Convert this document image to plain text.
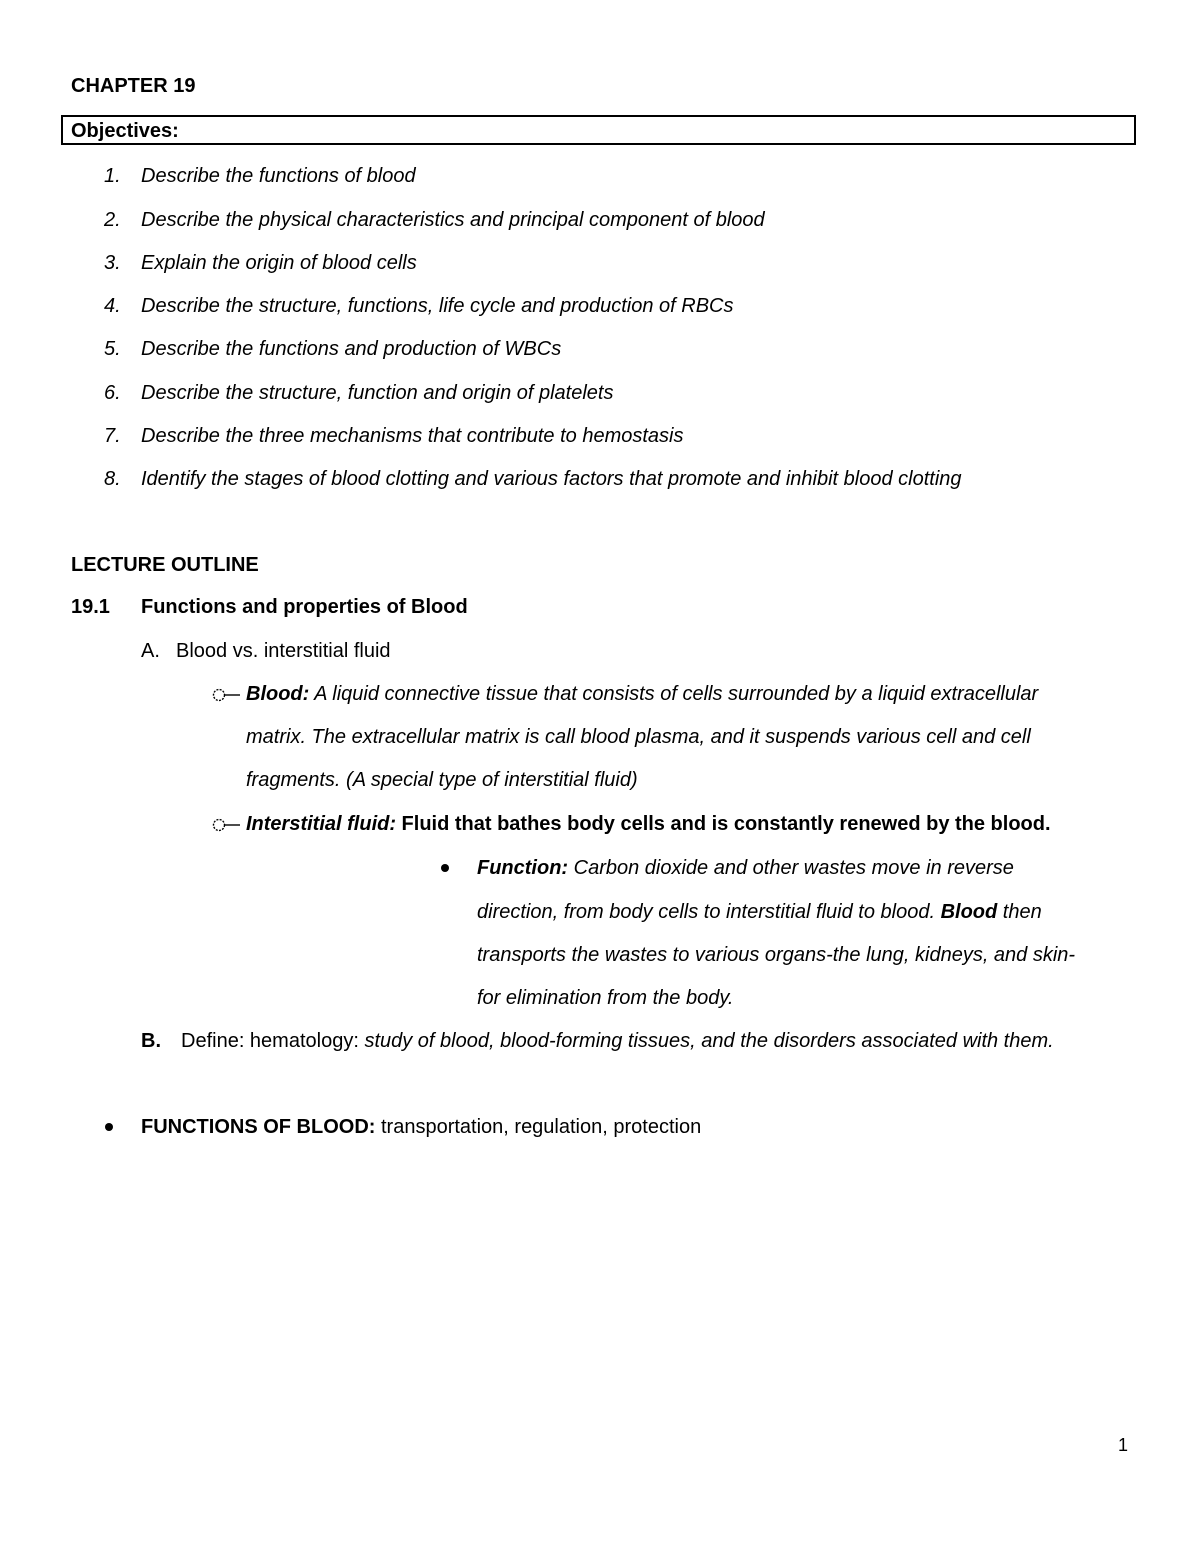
CHAPTER 19
Objectives:
1. Describe the functions of blood
2. Describe the physical characteristics and principal component of blood
3. Explain the origin of blood cells
4. Describe the structure, functions, life cycle and production of RBCs
5. Describe the functions and production of WBCs
6. Describe the structure, function and origin of platelets
7. Describe the three mechanisms that contribute to hemostasis
8. Identify the stages of blood clotting and various factors that promote and inhibit blood clotting
LECTURE OUTLINE
19.1 Functions and properties of Blood
A. Blood vs. interstitial fluid
Blood: A liquid connective tissue that consists of cells surrounded by a liquid extracellular
matrix. The extracellular matrix is call blood plasma, and it suspends various cell and cell
fragments. (A special type of interstitial fluid)
Interstitial fluid: Fluid that bathes body cells and is constantly renewed by the blood.
Function: Carbon dioxide and other wastes move in reverse
direction, from body cells to interstitial fluid to blood. Blood then
transports the wastes to various organs-the lung, kidneys, and skin-
for elimination from the body.
B. Define: hematology: study of blood, blood-forming tissues, and the disorders associated with them.
FUNCTIONS OF BLOOD: transportation, regulation, protection
1
